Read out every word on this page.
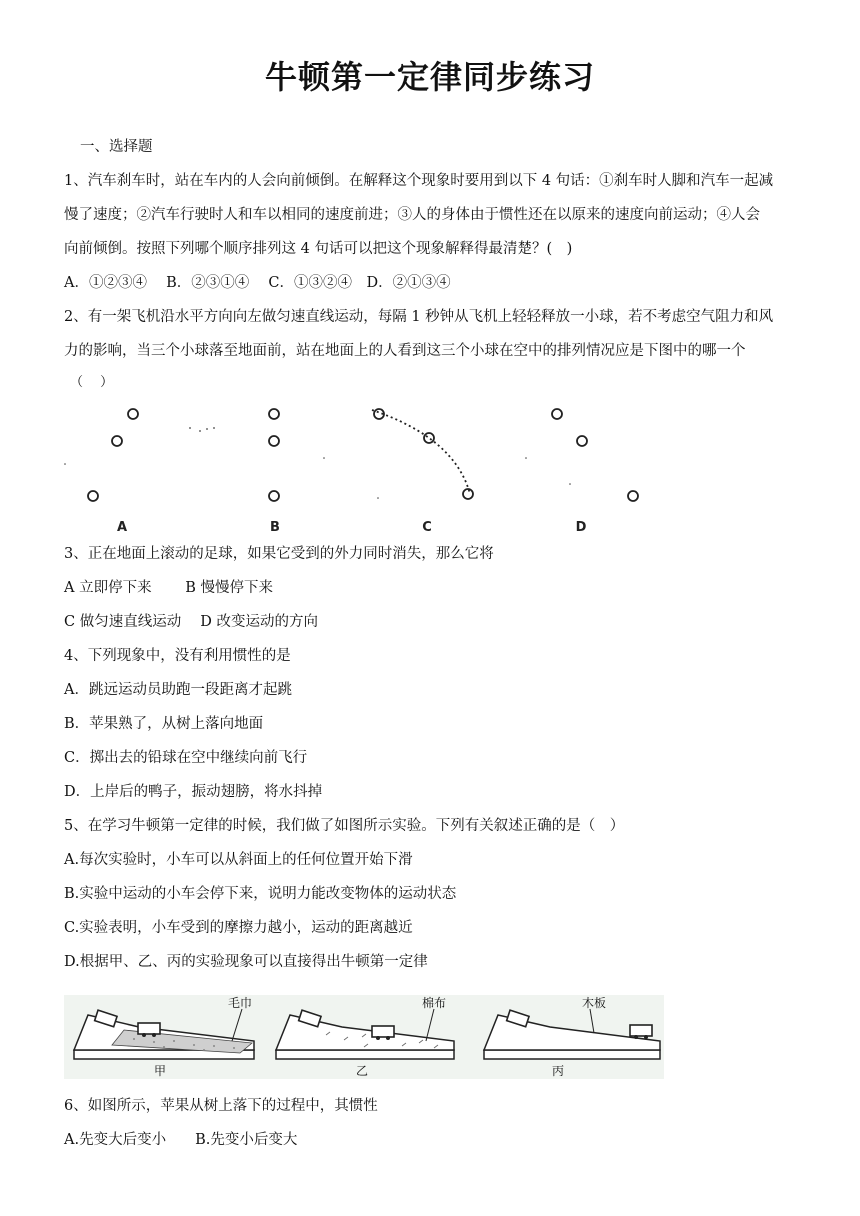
牛顿第一定律同步练习
一、选择题
1、汽车刹车时，站在车内的人会向前倾倒。在解释这个现象时要用到以下 4 句话：①刹车时人脚和汽车一起减
慢了速度；②汽车行驶时人和车以相同的速度前进；③人的身体由于惯性还在以原来的速度向前运动；④人会
向前倾倒。按照下列哪个顺序排列这 4 句话可以把这个现象解释得最清楚？(　)
A．①②③④　 B．②③①④　 C．①③②④　D．②①③④
2、有一架飞机沿水平方向向左做匀速直线运动，每隔 1 秒钟从飞机上轻轻释放一小球，若不考虑空气阻力和风
力的影响，当三个小球落至地面前，站在地面上的人看到这三个小球在空中的排列情况应是下图中的哪一个
（　 ）
A	B	C	D
3、正在地面上滚动的足球，如果它受到的外力同时消失，那么它将
A 立即停下来　　 B 慢慢停下来
C 做匀速直线运动　 D 改变运动的方向
4、下列现象中，没有利用惯性的是
A．跳远运动员助跑一段距离才起跳
B．苹果熟了，从树上落向地面
C．掷出去的铅球在空中继续向前飞行
D．上岸后的鸭子，振动翅膀，将水抖掉
5、在学习牛顿第一定律的时候，我们做了如图所示实验。下列有关叙述正确的是（　）
A.每次实验时，小车可以从斜面上的任何位置开始下滑
B.实验中运动的小车会停下来，说明力能改变物体的运动状态
C.实验表明，小车受到的摩擦力越小，运动的距离越近
D.根据甲、乙、丙的实验现象可以直接得出牛顿第一定律
毛巾	棉布	木板
甲	乙	丙
6、如图所示，苹果从树上落下的过程中，其惯性
A.先变大后变小　　B.先变小后变大
